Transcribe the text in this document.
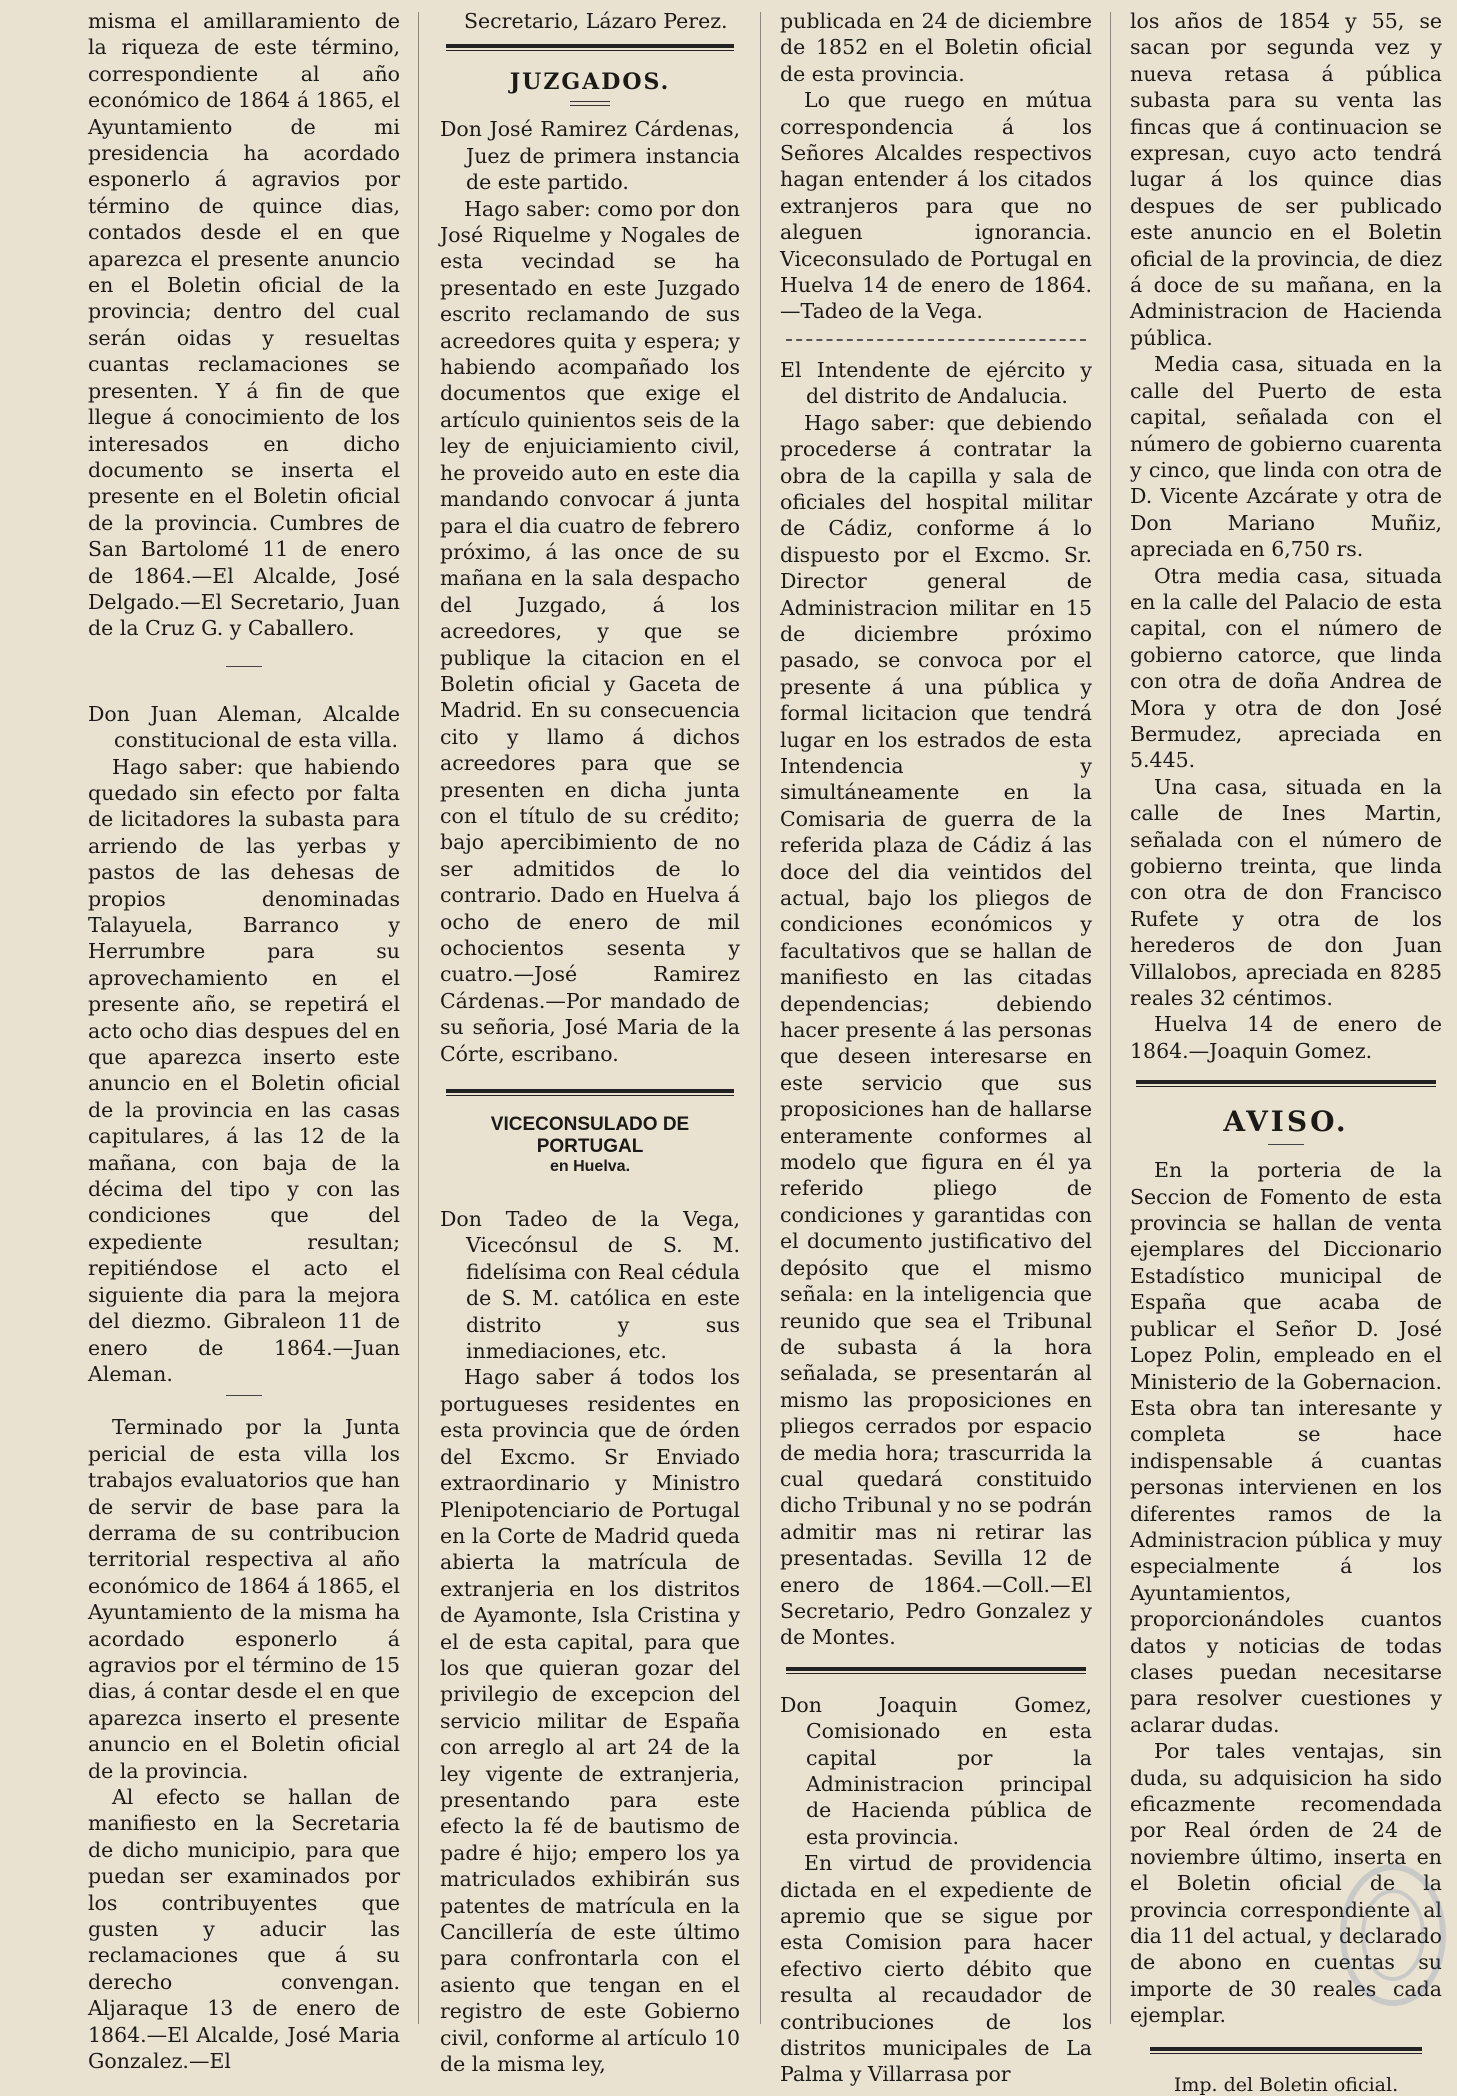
misma el amillaramiento de la riqueza de este término, correspondiente al año económico de 1864 á 1865, el Ayuntamiento de mi presidencia ha acordado esponerlo á agravios por término de quince dias, contados desde el en que aparezca el presente anuncio en el Boletin oficial de la provincia; dentro del cual serán oidas y resueltas cuantas reclamaciones se presenten. Y á fin de que llegue á conocimiento de los interesados en dicho documento se inserta el presente en el Boletin oficial de la provincia. Cumbres de San Bartolomé 11 de enero de 1864.—El Alcalde, José Delgado.—El Secretario, Juan de la Cruz G. y Caballero.

Don Juan Aleman, Alcalde constitucional de esta villa.

Hago saber: que habiendo quedado sin efecto por falta de licitadores la subasta para arriendo de las yerbas y pastos de las dehesas de propios denominadas Talayuela, Barranco y Herrumbre para su aprovechamiento en el presente año, se repetirá el acto ocho dias despues del en que aparezca inserto este anuncio en el Boletin oficial de la provincia en las casas capitulares, á las 12 de la mañana, con baja de la décima del tipo y con las condiciones que del expediente resultan; repitiéndose el acto el siguiente dia para la mejora del diezmo. Gibraleon 11 de enero de 1864.—Juan Aleman.

Terminado por la Junta pericial de esta villa los trabajos evaluatorios que han de servir de base para la derrama de su contribucion territorial respectiva al año económico de 1864 á 1865, el Ayuntamiento de la misma ha acordado esponerlo á agravios por el término de 15 dias, á contar desde el en que aparezca inserto el presente anuncio en el Boletin oficial de la provincia.

Al efecto se hallan de manifiesto en la Secretaria de dicho municipio, para que puedan ser examinados por los contribuyentes que gusten y aducir las reclamaciones que á su derecho convengan. Aljaraque 13 de enero de 1864.—El Alcalde, José Maria Gonzalez.—El

Secretario, Lázaro Perez.

JUZGADOS.

Don José Ramirez Cárdenas, Juez de primera instancia de este partido.

Hago saber: como por don José Riquelme y Nogales de esta vecindad se ha presentado en este Juzgado escrito reclamando de sus acreedores quita y espera; y habiendo acompañado los documentos que exige el artículo quinientos seis de la ley de enjuiciamiento civil, he proveido auto en este dia mandando convocar á junta para el dia cuatro de febrero próximo, á las once de su mañana en la sala despacho del Juzgado, á los acreedores, y que se publique la citacion en el Boletin oficial y Gaceta de Madrid. En su consecuencia cito y llamo á dichos acreedores para que se presenten en dicha junta con el título de su crédito; bajo apercibimiento de no ser admitidos de lo contrario. Dado en Huelva á ocho de enero de mil ochocientos sesenta y cuatro.—José Ramirez Cárdenas.—Por mandado de su señoria, José Maria de la Córte, escribano.

VICECONSULADO DE PORTUGAL
en Huelva.

Don Tadeo de la Vega, Vicecónsul de S. M. fidelísima con Real cédula de S. M. católica en este distrito y sus inmediaciones, etc.

Hago saber á todos los portugueses residentes en esta provincia que de órden del Excmo. Sr Enviado extraordinario y Ministro Plenipotenciario de Portugal en la Corte de Madrid queda abierta la matrícula de extranjeria en los distritos de Ayamonte, Isla Cristina y el de esta capital, para que los que quieran gozar del privilegio de excepcion del servicio militar de España con arreglo al art 24 de la ley vigente de extranjeria, presentando para este efecto la fé de bautismo de padre é hijo; empero los ya matriculados exhibirán sus patentes de matrícula en la Cancillería de este último para confrontarla con el asiento que tengan en el registro de este Gobierno civil, conforme al artículo 10 de la misma ley,

publicada en 24 de diciembre de 1852 en el Boletin oficial de esta provincia.

Lo que ruego en mútua correspondencia á los Señores Alcaldes respectivos hagan entender á los citados extranjeros para que no aleguen ignorancia. Viceconsulado de Portugal en Huelva 14 de enero de 1864.—Tadeo de la Vega.

El Intendente de ejército y del distrito de Andalucia.

Hago saber: que debiendo procederse á contratar la obra de la capilla y sala de oficiales del hospital militar de Cádiz, conforme á lo dispuesto por el Excmo. Sr. Director general de Administracion militar en 15 de diciembre próximo pasado, se convoca por el presente á una pública y formal licitacion que tendrá lugar en los estrados de esta Intendencia y simultáneamente en la Comisaria de guerra de la referida plaza de Cádiz á las doce del dia veintidos del actual, bajo los pliegos de condiciones económicos y facultativos que se hallan de manifiesto en las citadas dependencias; debiendo hacer presente á las personas que deseen interesarse en este servicio que sus proposiciones han de hallarse enteramente conformes al modelo que figura en él ya referido pliego de condiciones y garantidas con el documento justificativo del depósito que el mismo señala: en la inteligencia que reunido que sea el Tribunal de subasta á la hora señalada, se presentarán al mismo las proposiciones en pliegos cerrados por espacio de media hora; trascurrida la cual quedará constituido dicho Tribunal y no se podrán admitir mas ni retirar las presentadas. Sevilla 12 de enero de 1864.—Coll.—El Secretario, Pedro Gonzalez y de Montes.

Don Joaquin Gomez, Comisionado en esta capital por la Administracion principal de Hacienda pública de esta provincia.

En virtud de providencia dictada en el expediente de apremio que se sigue por esta Comision para hacer efectivo cierto débito que resulta al recaudador de contribuciones de los distritos municipales de La Palma y Villarrasa por

los años de 1854 y 55, se sacan por segunda vez y nueva retasa á pública subasta para su venta las fincas que á continuacion se expresan, cuyo acto tendrá lugar á los quince dias despues de ser publicado este anuncio en el Boletin oficial de la provincia, de diez á doce de su mañana, en la Administracion de Hacienda pública.

Media casa, situada en la calle del Puerto de esta capital, señalada con el número de gobierno cuarenta y cinco, que linda con otra de D. Vicente Azcárate y otra de Don Mariano Muñiz, apreciada en 6,750 rs.

Otra media casa, situada en la calle del Palacio de esta capital, con el número de gobierno catorce, que linda con otra de doña Andrea de Mora y otra de don José Bermudez, apreciada en 5.445.

Una casa, situada en la calle de Ines Martin, señalada con el número de gobierno treinta, que linda con otra de don Francisco Rufete y otra de los herederos de don Juan Villalobos, apreciada en 8285 reales 32 céntimos.

Huelva 14 de enero de 1864.—Joaquin Gomez.

AVISO.

En la porteria de la Seccion de Fomento de esta provincia se hallan de venta ejemplares del Diccionario Estadístico municipal de España que acaba de publicar el Señor D. José Lopez Polin, empleado en el Ministerio de la Gobernacion. Esta obra tan interesante y completa se hace indispensable á cuantas personas intervienen en los diferentes ramos de la Administracion pública y muy especialmente á los Ayuntamientos, proporcionándoles cuantos datos y noticias de todas clases puedan necesitarse para resolver cuestiones y aclarar dudas.

Por tales ventajas, sin duda, su adquisicion ha sido eficazmente recomendada por Real órden de 24 de noviembre último, inserta en el Boletin oficial de la provincia correspondiente al dia 11 del actual, y declarado de abono en cuentas su importe de 30 reales cada ejemplar.

Imp. del Boletin oficial.
